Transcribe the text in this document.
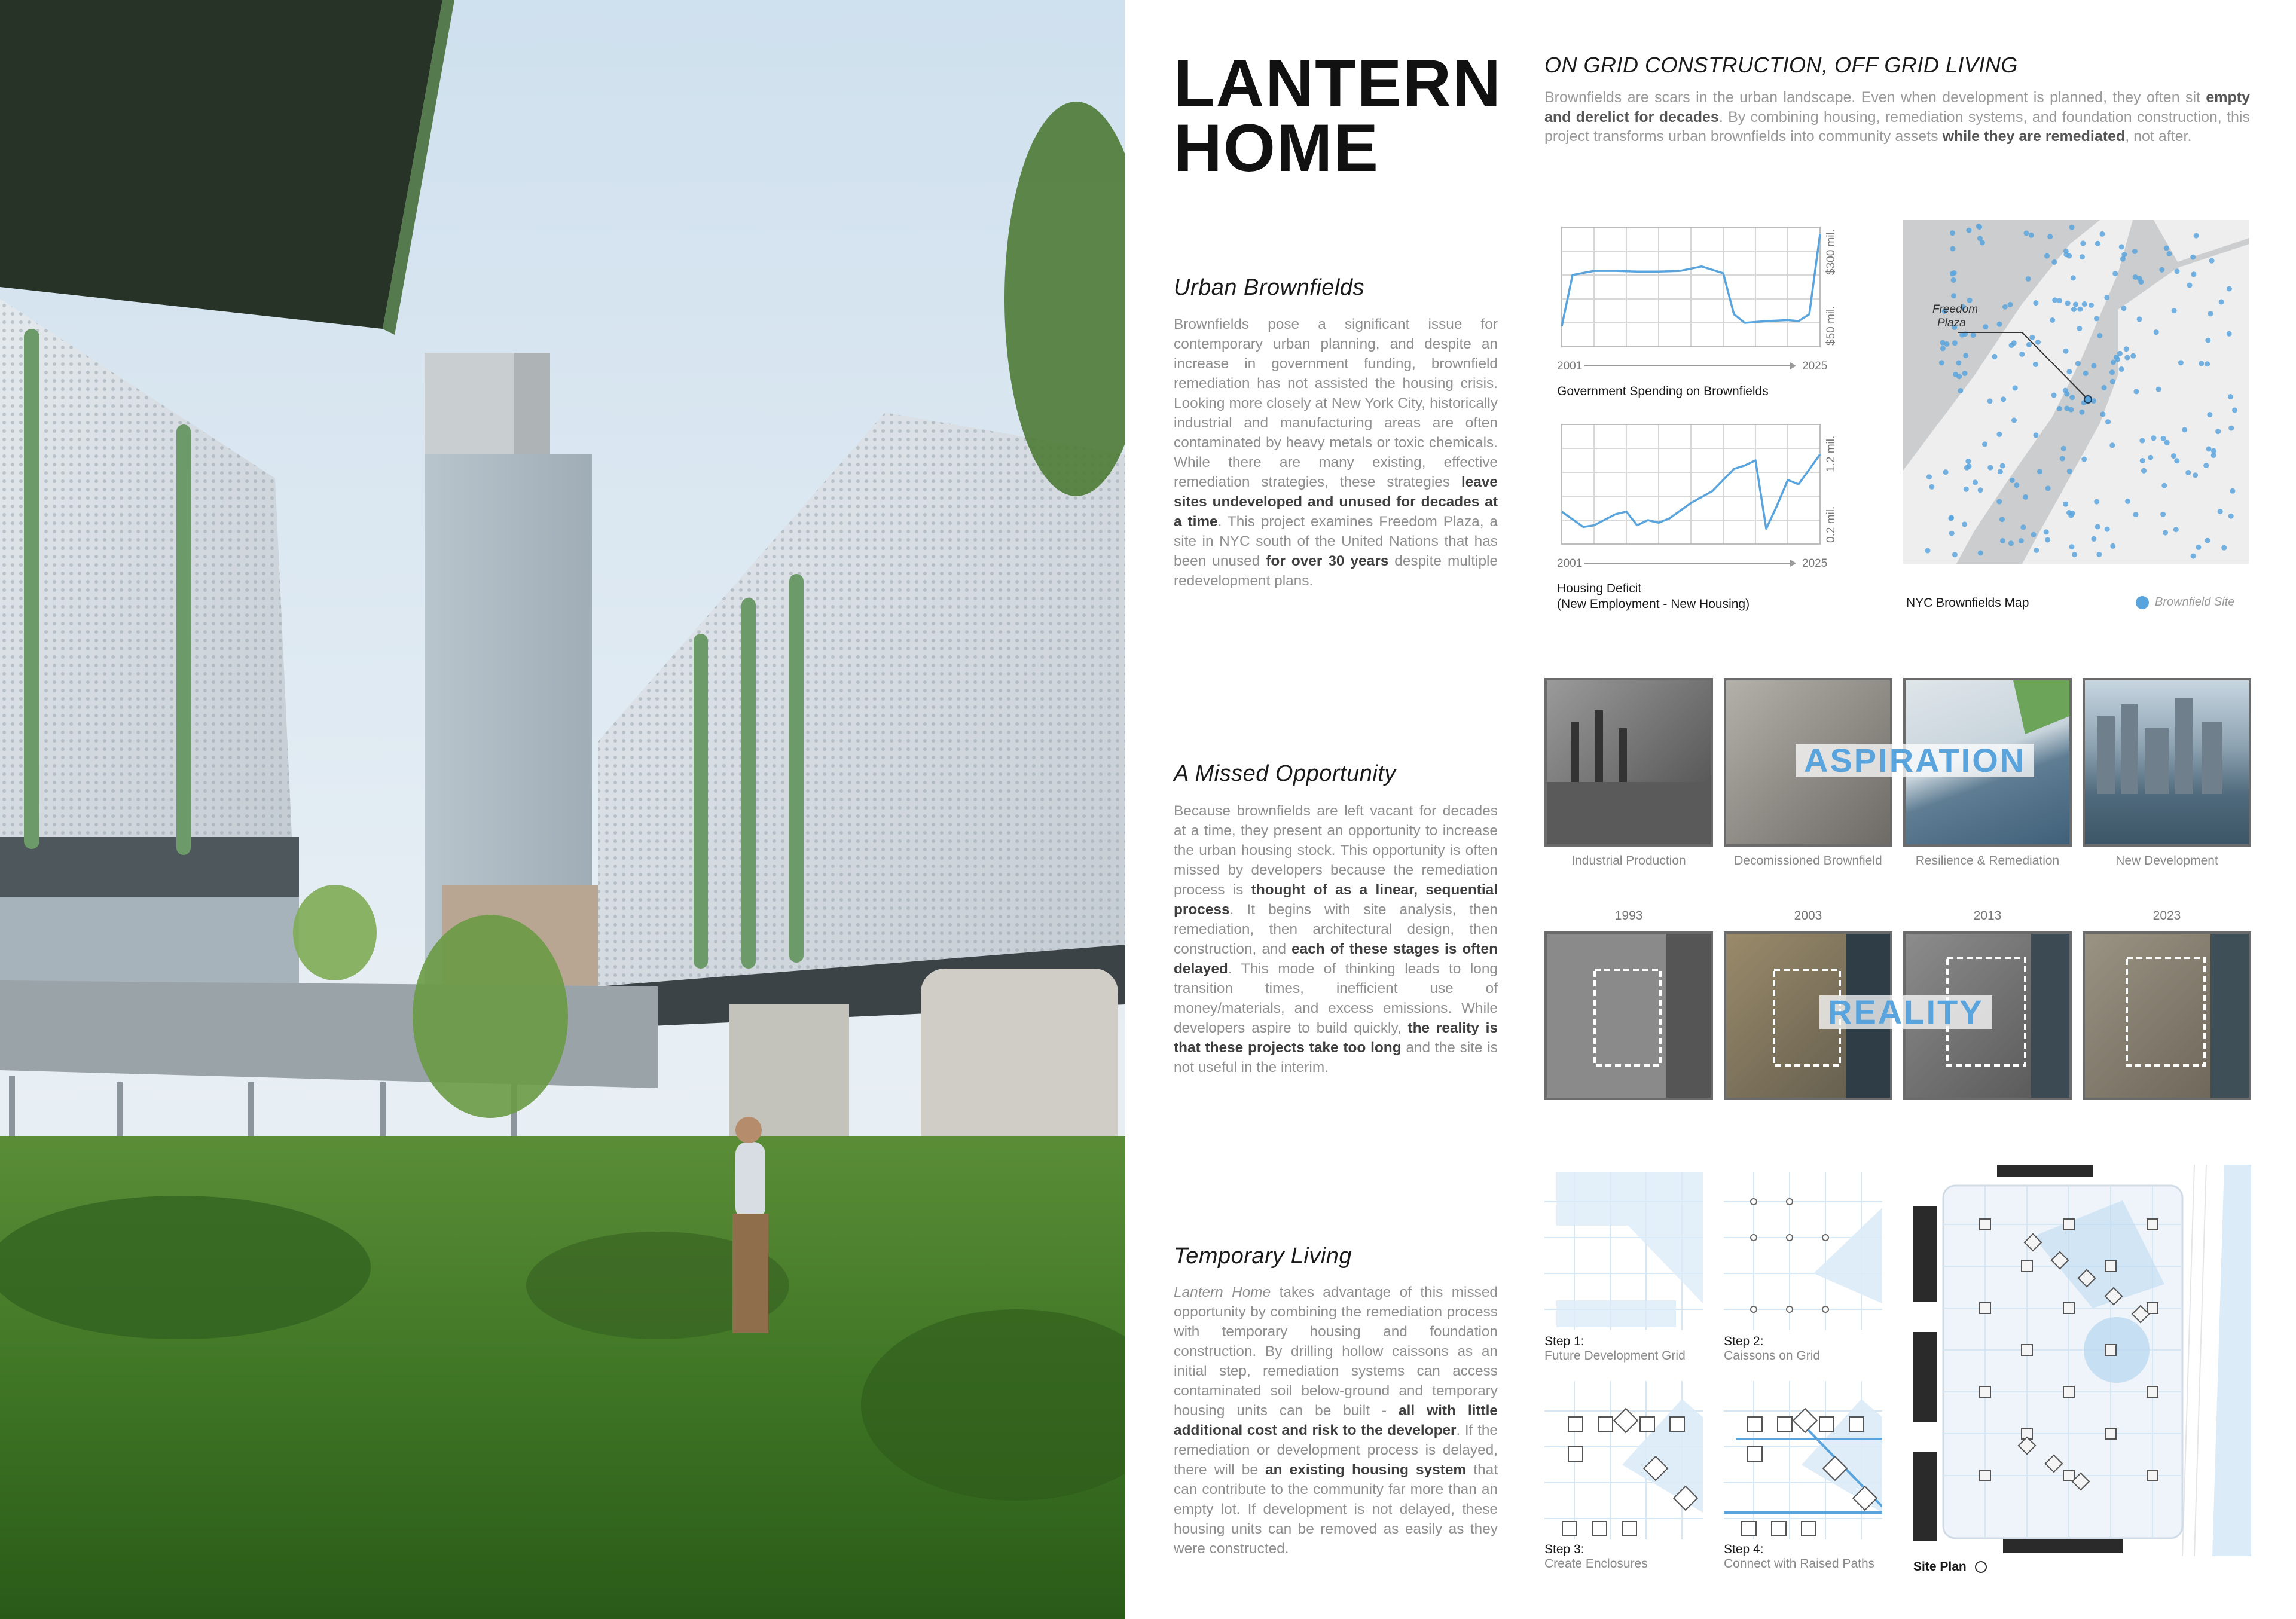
LANTERN
HOME

ON GRID CONSTRUCTION, OFF GRID LIVING

Brownfields are scars in the urban landscape. Even when development is planned, they often sit empty and derelict for decades. By combining housing, remediation systems, and foundation construction, this project transforms urban brownfields into community assets while they are remediated, not after.

Urban Brownfields

Brownfields pose a significant issue for contemporary urban planning, and despite an increase in government funding, brownfield remediation has not assisted the housing crisis. Looking more closely at New York City, historically industrial and manufacturing areas are often contaminated by heavy metals or toxic chemicals. While there are many existing, effective remediation strategies, these strategies leave sites undeveloped and unused for decades at a time. This project examines Freedom Plaza, a site in NYC south of the United Nations that has been unused for over 30 years despite multiple redevelopment plans.

A Missed Opportunity

Because brownfields are left vacant for decades at a time, they present an opportunity to increase the urban housing stock. This opportunity is often missed by developers because the remediation process is thought of as a linear, sequential process. It begins with site analysis, then remediation, then architectural design, then construction, and each of these stages is often delayed. This mode of thinking leads to long transition times, inefficient use of money/materials, and excess emissions. While developers aspire to build quickly, the reality is that these projects take too long and the site is not useful in the interim.

Temporary Living

Lantern Home takes advantage of this missed opportunity by combining the remediation process with temporary housing and foundation construction. By drilling hollow caissons as an initial step, remediation systems can access contaminated soil below-ground and temporary housing units can be built - all with little additional cost and risk to the developer. If the remediation or development process is delayed, there will be an existing housing system that can contribute to the community far more than an empty lot. If development is not delayed, these housing units can be removed as easily as they were constructed.

2001	2025
$300 mil.
$50 mil.
Government Spending on Brownfields
2001	2025
1.2 mil.
0.2 mil.
Housing Deficit
(New Employment - New Housing)
Freedom
Plaza
NYC Brownfields Map	Brownfield Site
ASPIRATION
Industrial Production	Decomissioned Brownfield	Resilience & Remediation	New Development
1993	2003	2013	2023
REALITY
Step 1:
Future Development Grid
Step 2:
Caissons on Grid
Step 3:
Create Enclosures
Step 4:
Connect with Raised Paths	Site Plan
